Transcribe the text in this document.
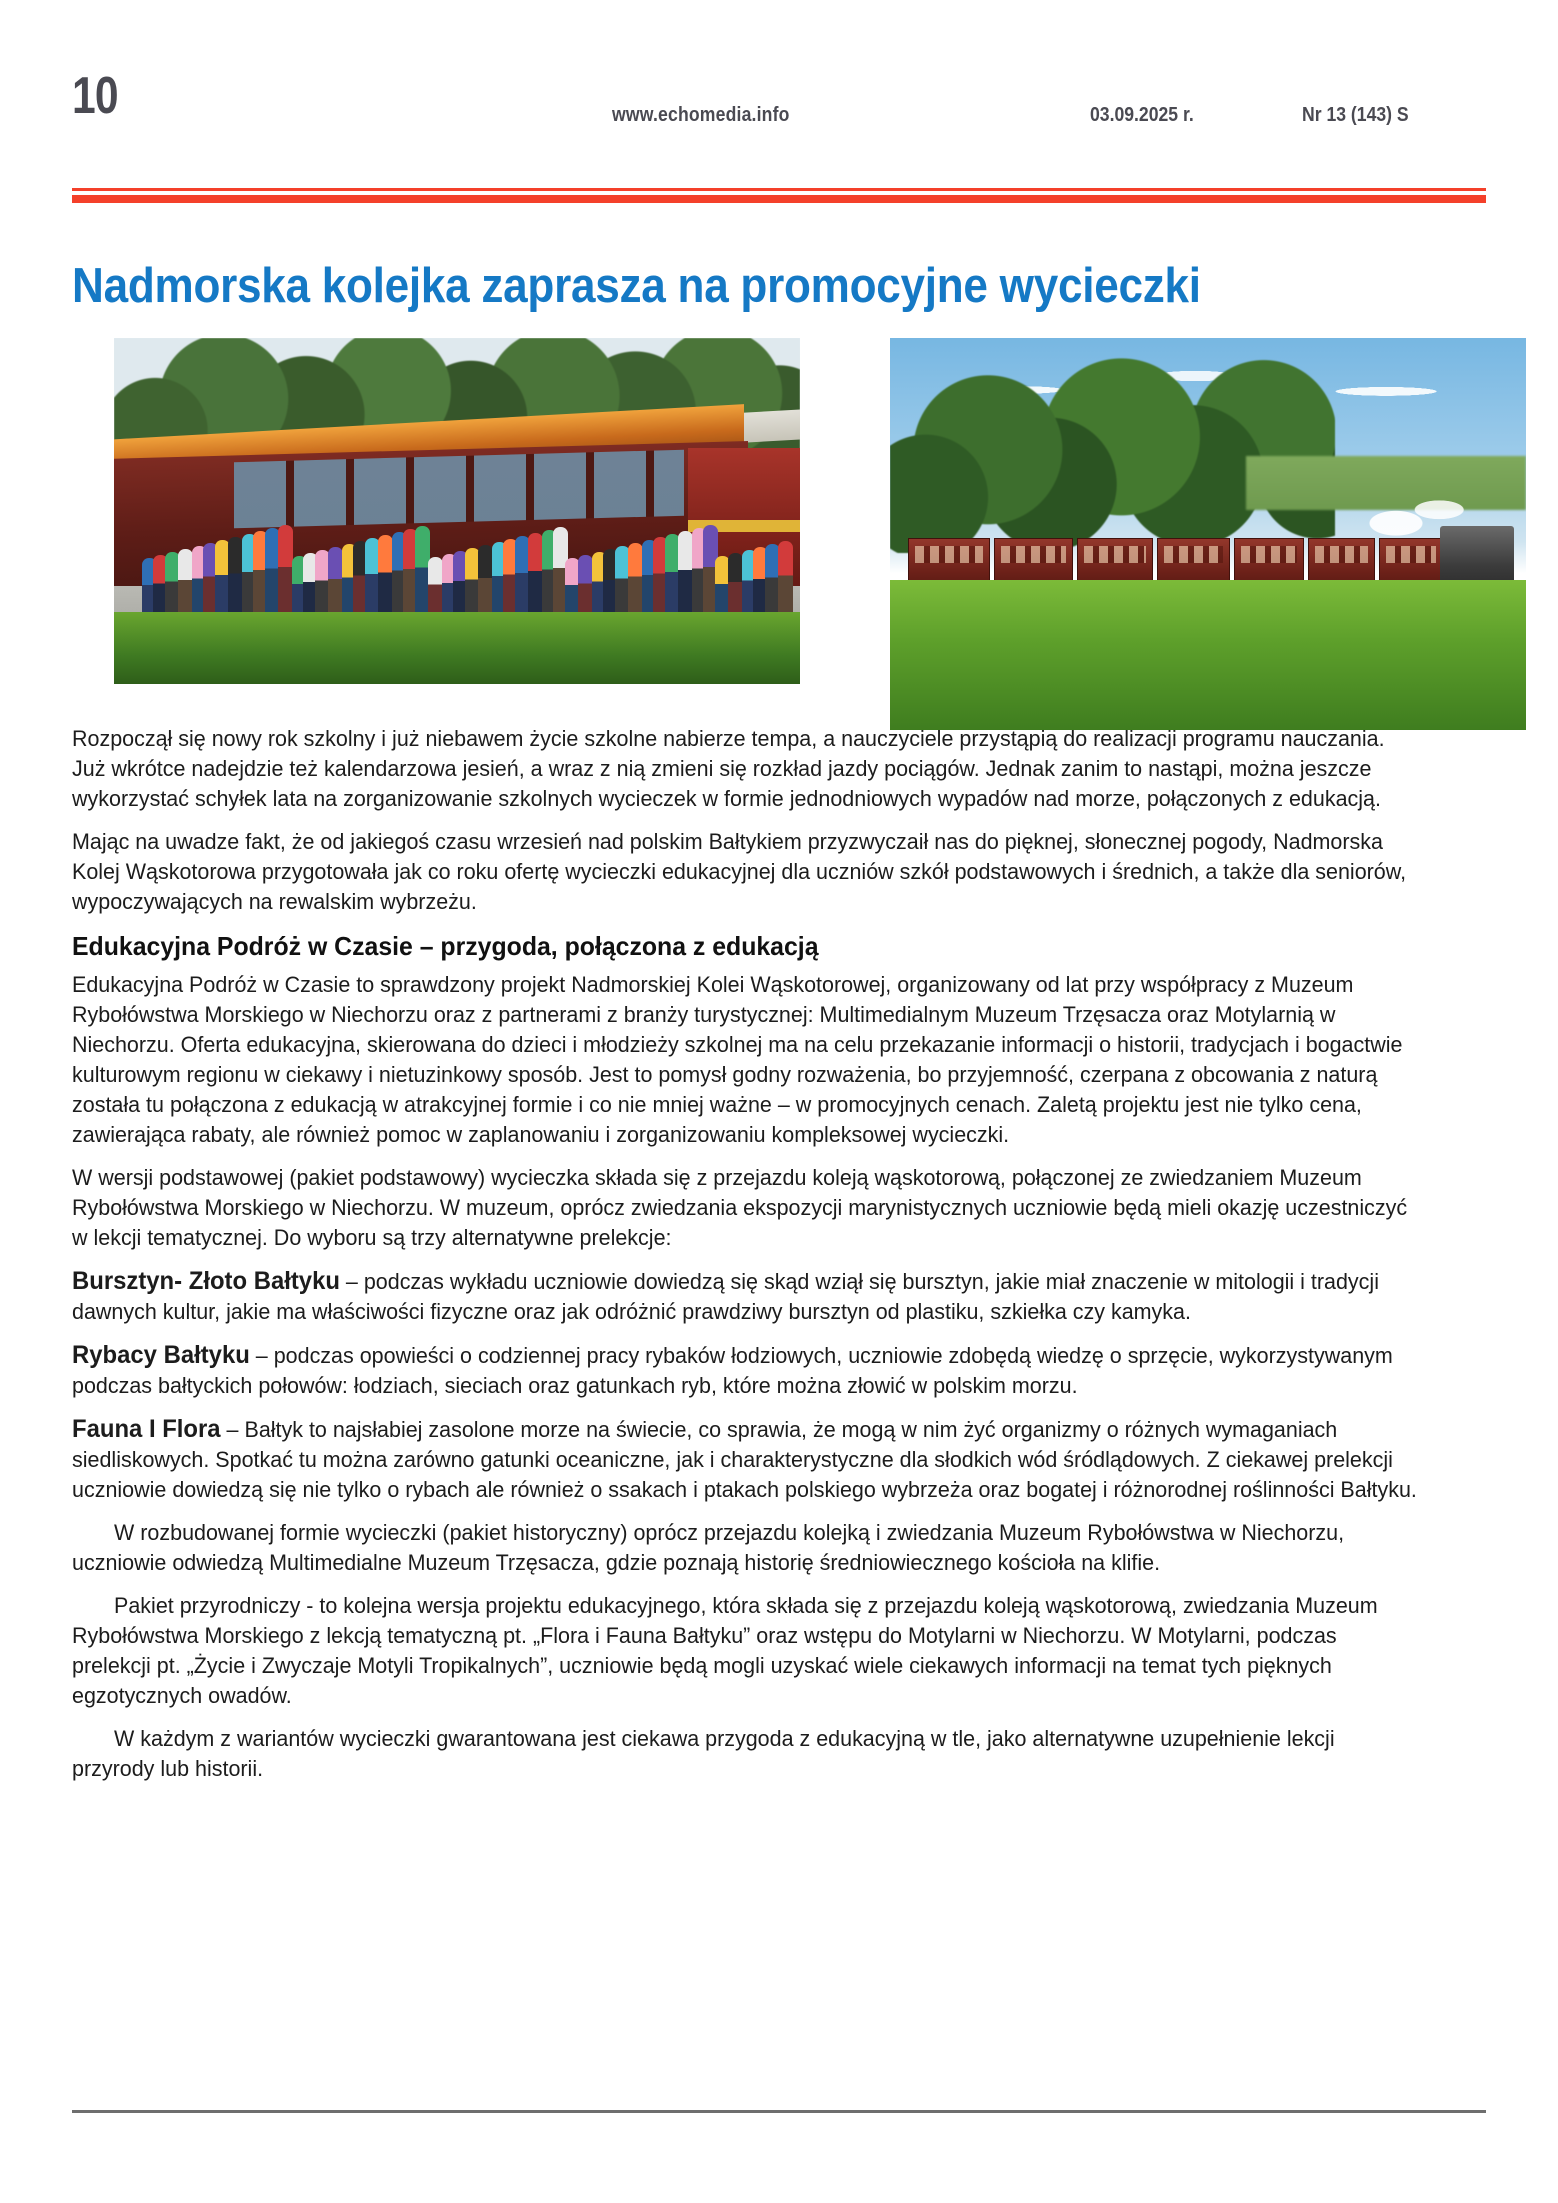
10	www.echomedia.info	03.09.2025 r.	Nr 13 (143) S
Nadmorska kolejka zaprasza na promocyjne wycieczki

Rozpoczął się nowy rok szkolny i już niebawem życie szkolne nabierze tempa, a nauczyciele przystąpią do realizacji programu nauczania. Już wkrótce nadejdzie też kalendarzowa jesień, a wraz z nią zmieni się rozkład jazdy pociągów. Jednak zanim to nastąpi, można jeszcze wykorzystać schyłek lata na zorganizowanie szkolnych wycieczek w formie jednodniowych wypadów nad morze, połączonych z edukacją.

Mając na uwadze fakt, że od jakiegoś czasu wrzesień nad polskim Bałtykiem przyzwyczaił nas do pięknej, słonecznej pogody, Nadmorska Kolej Wąskotorowa przygotowała jak co roku ofertę wycieczki edukacyjnej dla uczniów szkół podstawowych i średnich, a także dla seniorów, wypoczywających na rewalskim wybrzeżu.

Edukacyjna Podróż w Czasie – przygoda, połączona z edukacją

Edukacyjna Podróż w Czasie to sprawdzony projekt Nadmorskiej Kolei Wąskotorowej, organizowany od lat przy współpracy z Muzeum Rybołówstwa Morskiego w Niechorzu oraz z partnerami z branży turystycznej: Multimedialnym Muzeum Trzęsacza oraz Motylarnią w Niechorzu. Oferta edukacyjna, skierowana do dzieci i młodzieży szkolnej ma na celu przekazanie informacji o historii, tradycjach i bogactwie kulturowym regionu w ciekawy i nietuzinkowy sposób. Jest to pomysł godny rozważenia, bo przyjemność, czerpana z obcowania z naturą została tu połączona z edukacją w atrakcyjnej formie i co nie mniej ważne – w promocyjnych cenach. Zaletą projektu jest nie tylko cena, zawierająca rabaty, ale również pomoc w zaplanowaniu i zorganizowaniu kompleksowej wycieczki.

W wersji podstawowej (pakiet podstawowy) wycieczka składa się z przejazdu koleją wąskotorową, połączonej ze zwiedzaniem Muzeum Rybołówstwa Morskiego w Niechorzu. W muzeum, oprócz zwiedzania ekspozycji marynistycznych uczniowie będą mieli okazję uczestniczyć w lekcji tematycznej. Do wyboru są trzy alternatywne prelekcje:

Bursztyn- Złoto Bałtyku – podczas wykładu uczniowie dowiedzą się skąd wziął się bursztyn, jakie miał znaczenie w mitologii i tradycji dawnych kultur, jakie ma właściwości fizyczne oraz jak odróżnić prawdziwy bursztyn od plastiku, szkiełka czy kamyka.

Rybacy Bałtyku – podczas opowieści o codziennej pracy rybaków łodziowych, uczniowie zdobędą wiedzę o sprzęcie, wykorzystywanym podczas bałtyckich połowów: łodziach, sieciach oraz gatunkach ryb, które można złowić w polskim morzu.

Fauna I Flora – Bałtyk to najsłabiej zasolone morze na świecie, co sprawia, że mogą w nim żyć organizmy o różnych wymaganiach siedliskowych. Spotkać tu można zarówno gatunki oceaniczne, jak i charakterystyczne dla słodkich wód śródlądowych. Z ciekawej prelekcji uczniowie dowiedzą się nie tylko o rybach ale również o ssakach i ptakach polskiego wybrzeża oraz bogatej i różnorodnej roślinności Bałtyku.

W rozbudowanej formie wycieczki (pakiet historyczny) oprócz przejazdu kolejką i zwiedzania Muzeum Rybołówstwa w Niechorzu, uczniowie odwiedzą Multimedialne Muzeum Trzęsacza, gdzie poznają historię średniowiecznego kościoła na klifie.

Pakiet przyrodniczy - to kolejna wersja projektu edukacyjnego, która składa się z przejazdu koleją wąskotorową, zwiedzania Muzeum Rybołówstwa Morskiego z lekcją tematyczną pt. „Flora i Fauna Bałtyku” oraz wstępu do Motylarni w Niechorzu. W Motylarni, podczas prelekcji pt. „Życie i Zwyczaje Motyli Tropikalnych”, uczniowie będą mogli uzyskać wiele ciekawych informacji na temat tych pięknych egzotycznych owadów.

W każdym z wariantów wycieczki gwarantowana jest ciekawa przygoda z edukacyjną w tle, jako alternatywne uzupełnienie lekcji przyrody lub historii.
